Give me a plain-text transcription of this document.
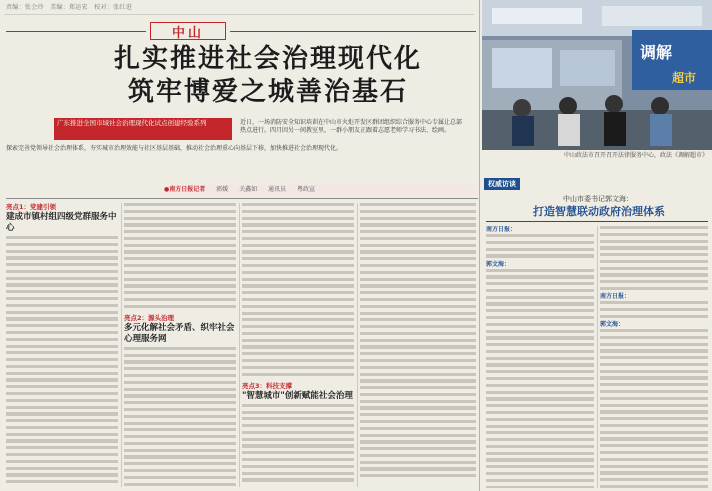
责编：张会玲　美编：郑运宏　校对：张红进
中山
扎实推进社会治理现代化
筑牢博爱之城善治基石
广东推进全国市域社会治理现代化试点创建经验系列	近日，一场消防安全知识培训在中山市火炬开发区群团组织综合服务中心专属让总部热点进行。四月因另一间教室里，一群小朋友正跟着志愿老师学习书法、绘画。
探索完善党领导社会治理体系，夯实城市治理效能与社区基层基础，推动社会治理重心向基层下移，加快推进社会治理现代化。
●南方日报记者 郭媛 关鑫如 通讯员 粤政宣
亮点1：党建引领
建成市镇村组四级党群服务中心
亮点2：源头治理
多元化解社会矛盾、织牢社会心理服务网
亮点3：科技支撑
"智慧城市"创新赋能社会治理
调解
超市
中山政法市召开召开法律服务中心，政法《调解超市》
权威访谈
中山市委书记郭文海：
打造智慧联动政府治理体系
南方日报：
郭文海：
南方日报：
郭文海：
